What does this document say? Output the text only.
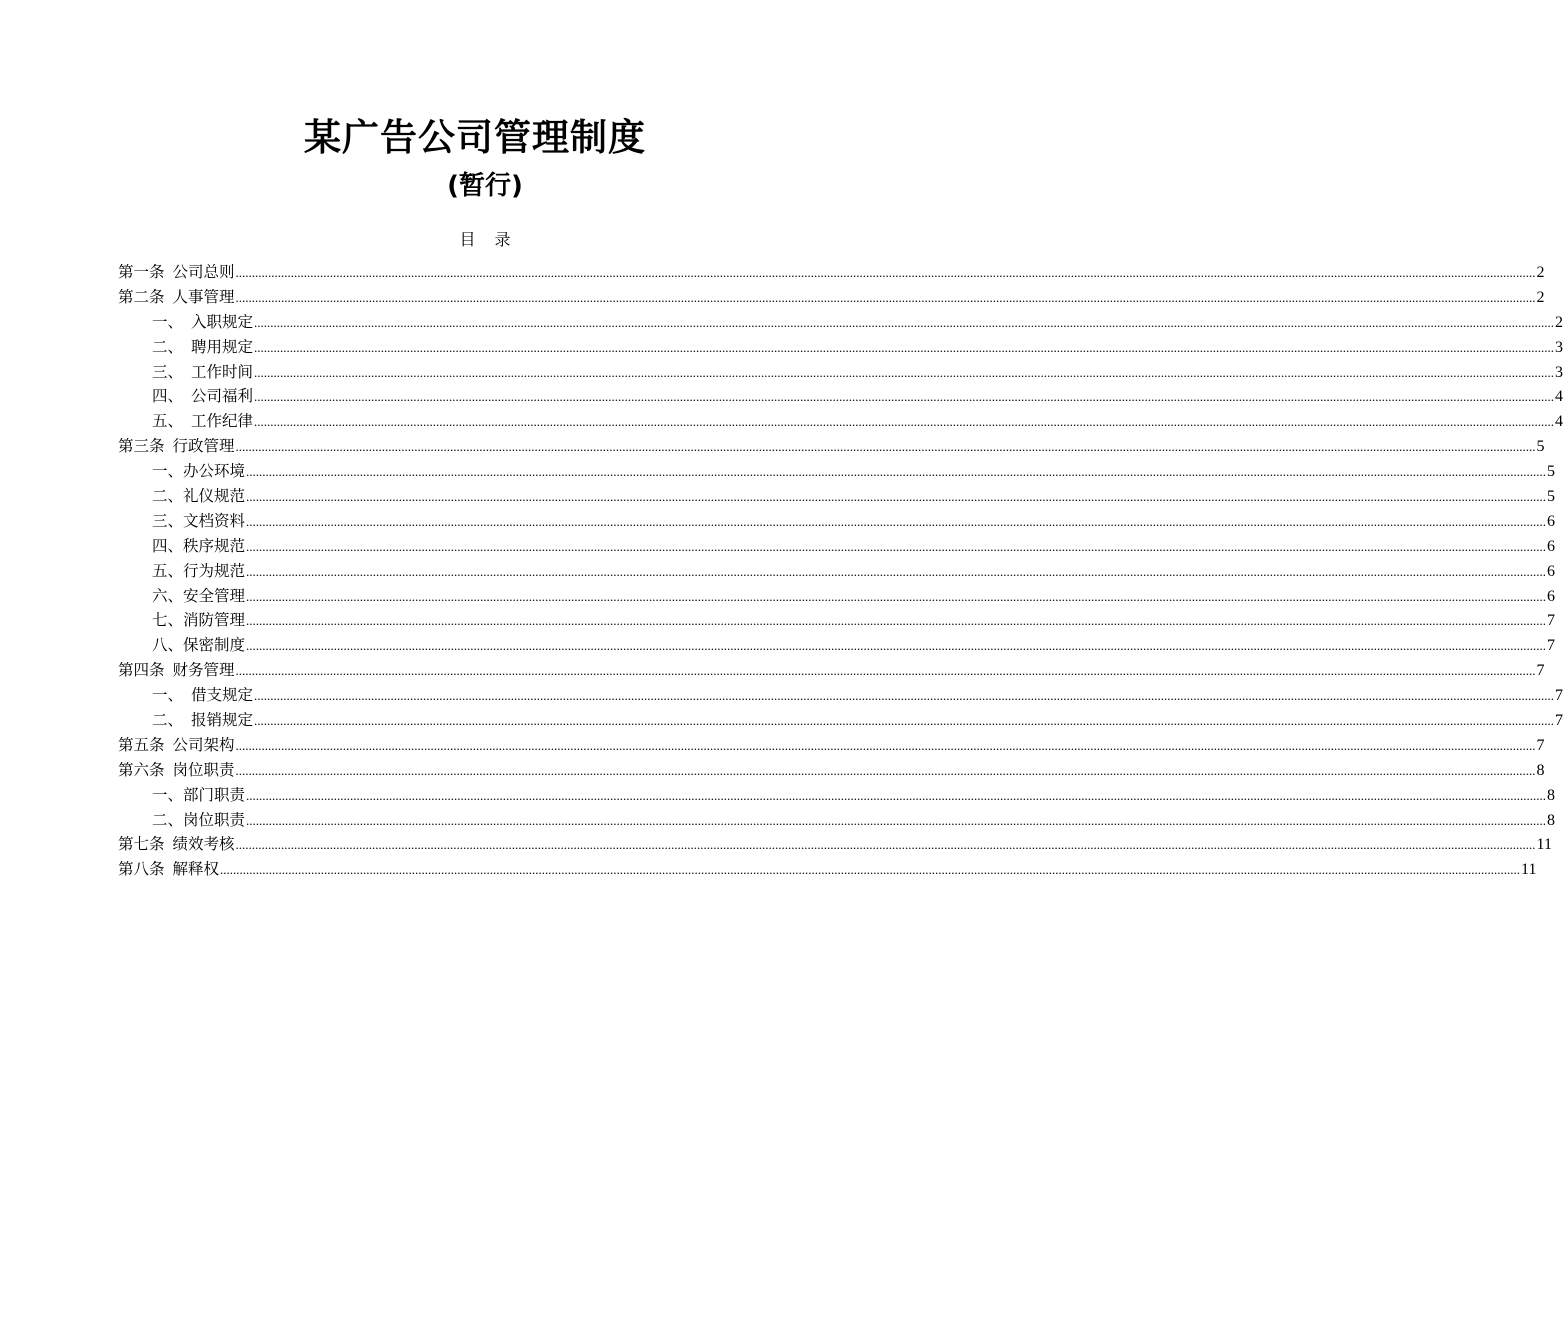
某广告公司管理制度
(暂行)
目 录
第一条 公司总则 ................................................................................................................................................................................................................................................................................................................................................................................................................ 2
第二条 人事管理 ................................................................................................................................................................................................................................................................................................................................................................................................................ 2
一、 入职规定 ................................................................................................................................................................................................................................................................................................................................................................................................................ 2
二、 聘用规定 ................................................................................................................................................................................................................................................................................................................................................................................................................ 3
三、 工作时间 ................................................................................................................................................................................................................................................................................................................................................................................................................ 3
四、 公司福利 ................................................................................................................................................................................................................................................................................................................................................................................................................ 4
五、 工作纪律 ................................................................................................................................................................................................................................................................................................................................................................................................................ 4
第三条 行政管理 ................................................................................................................................................................................................................................................................................................................................................................................................................ 5
一、办公环境 ................................................................................................................................................................................................................................................................................................................................................................................................................ 5
二、礼仪规范 ................................................................................................................................................................................................................................................................................................................................................................................................................ 5
三、文档资料 ................................................................................................................................................................................................................................................................................................................................................................................................................ 6
四、秩序规范 ................................................................................................................................................................................................................................................................................................................................................................................................................ 6
五、行为规范 ................................................................................................................................................................................................................................................................................................................................................................................................................ 6
六、安全管理 ................................................................................................................................................................................................................................................................................................................................................................................................................ 6
七、消防管理 ................................................................................................................................................................................................................................................................................................................................................................................................................ 7
八、保密制度 ................................................................................................................................................................................................................................................................................................................................................................................................................ 7
第四条 财务管理 ................................................................................................................................................................................................................................................................................................................................................................................................................ 7
一、 借支规定 ................................................................................................................................................................................................................................................................................................................................................................................................................ 7
二、 报销规定 ................................................................................................................................................................................................................................................................................................................................................................................................................ 7
第五条 公司架构 ................................................................................................................................................................................................................................................................................................................................................................................................................ 7
第六条 岗位职责 ................................................................................................................................................................................................................................................................................................................................................................................................................ 8
一、部门职责 ................................................................................................................................................................................................................................................................................................................................................................................................................ 8
二、岗位职责 ................................................................................................................................................................................................................................................................................................................................................................................................................ 8
第七条 绩效考核 ................................................................................................................................................................................................................................................................................................................................................................................................................ 11
第八条 解释权 ................................................................................................................................................................................................................................................................................................................................................................................................................ 11
